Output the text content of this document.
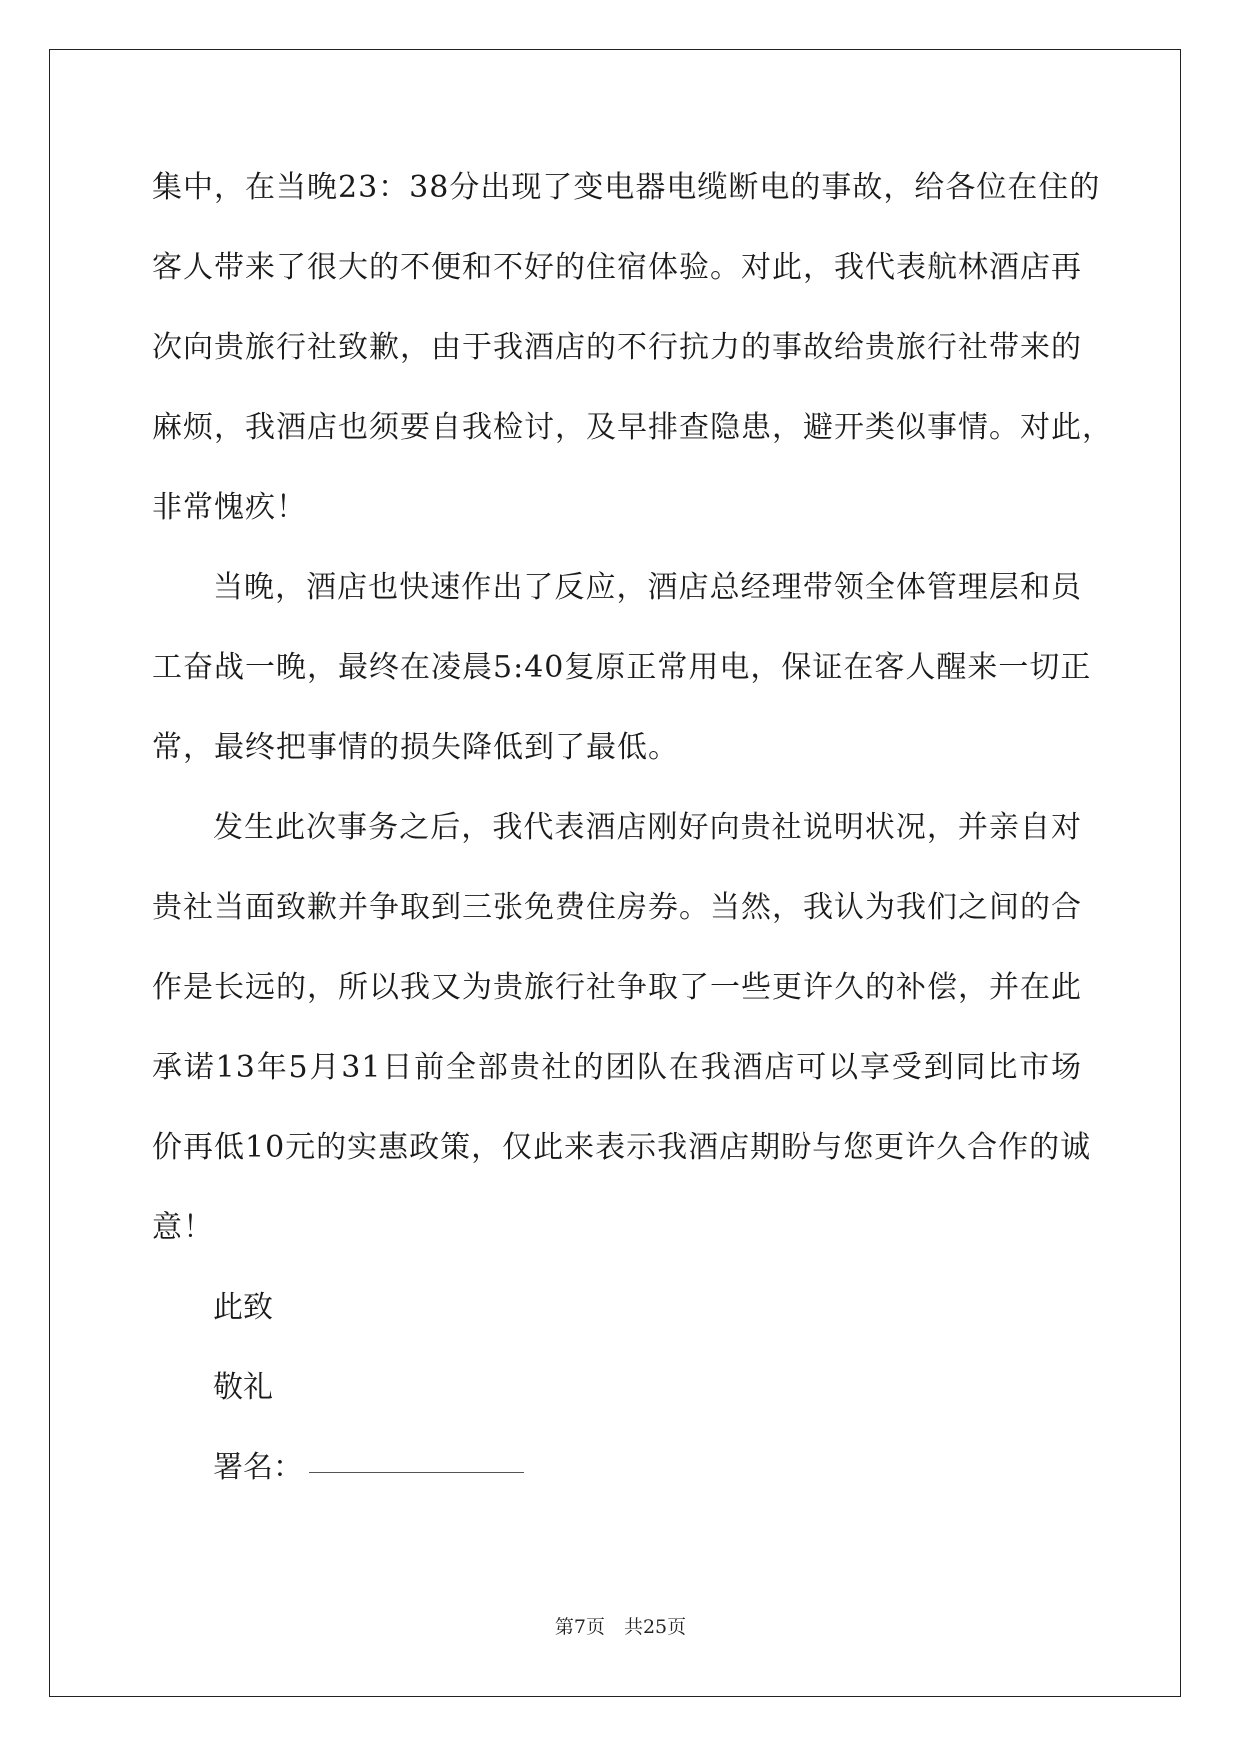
集中，在当晚23：38分出现了变电器电缆断电的事故，给各位在住的
客人带来了很大的不便和不好的住宿体验。对此，我代表航林酒店再
次向贵旅行社致歉，由于我酒店的不行抗力的事故给贵旅行社带来的
麻烦，我酒店也须要自我检讨，及早排查隐患，避开类似事情。对此，
非常愧疚！
当晚，酒店也快速作出了反应，酒店总经理带领全体管理层和员
工奋战一晚，最终在凌晨5:40复原正常用电，保证在客人醒来一切正
常，最终把事情的损失降低到了最低。
发生此次事务之后，我代表酒店刚好向贵社说明状况，并亲自对
贵社当面致歉并争取到三张免费住房券。当然，我认为我们之间的合
作是长远的，所以我又为贵旅行社争取了一些更许久的补偿，并在此
承诺13年5月31日前全部贵社的团队在我酒店可以享受到同比市场
价再低10元的实惠政策，仅此来表示我酒店期盼与您更许久合作的诚
意！
此致
敬礼
署名：
第7页　共25页
